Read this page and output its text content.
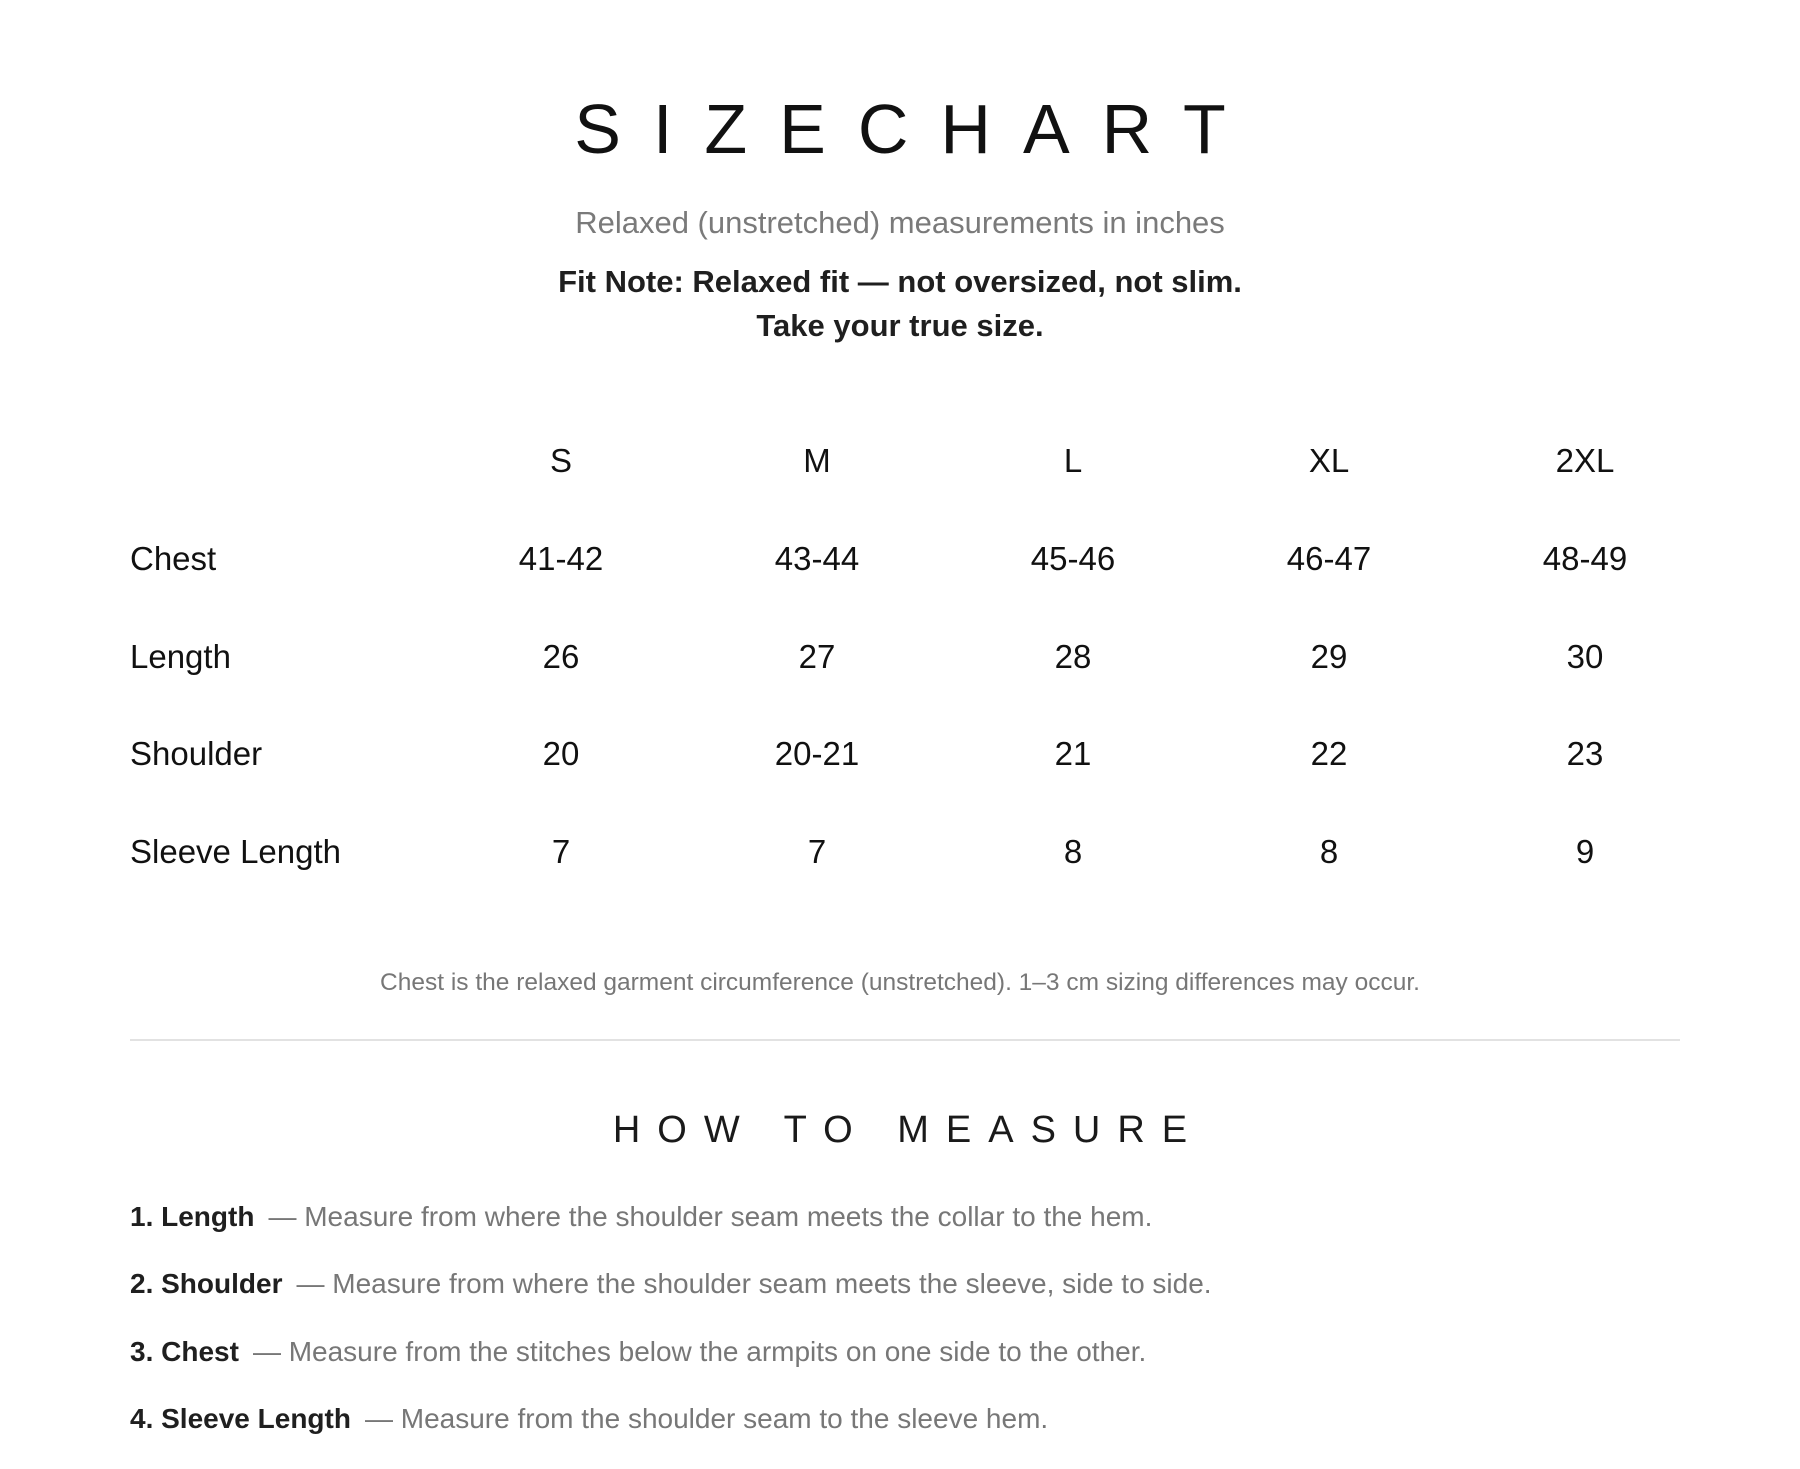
SIZECHART
Relaxed (unstretched) measurements in inches
Fit Note: Relaxed fit — not oversized, not slim.
Take your true size.
	S	M	L	XL	2XL
Chest	41-42	43-44	45-46	46-47	48-49
Length	26	27	28	29	30
Shoulder	20	20-21	21	22	23
Sleeve Length	7	7	8	8	9
Chest is the relaxed garment circumference (unstretched). 1–3 cm sizing differences may occur.
HOW TO MEASURE
1. Length — Measure from where the shoulder seam meets the collar to the hem.
2. Shoulder — Measure from where the shoulder seam meets the sleeve, side to side.
3. Chest — Measure from the stitches below the armpits on one side to the other.
4. Sleeve Length — Measure from the shoulder seam to the sleeve hem.
